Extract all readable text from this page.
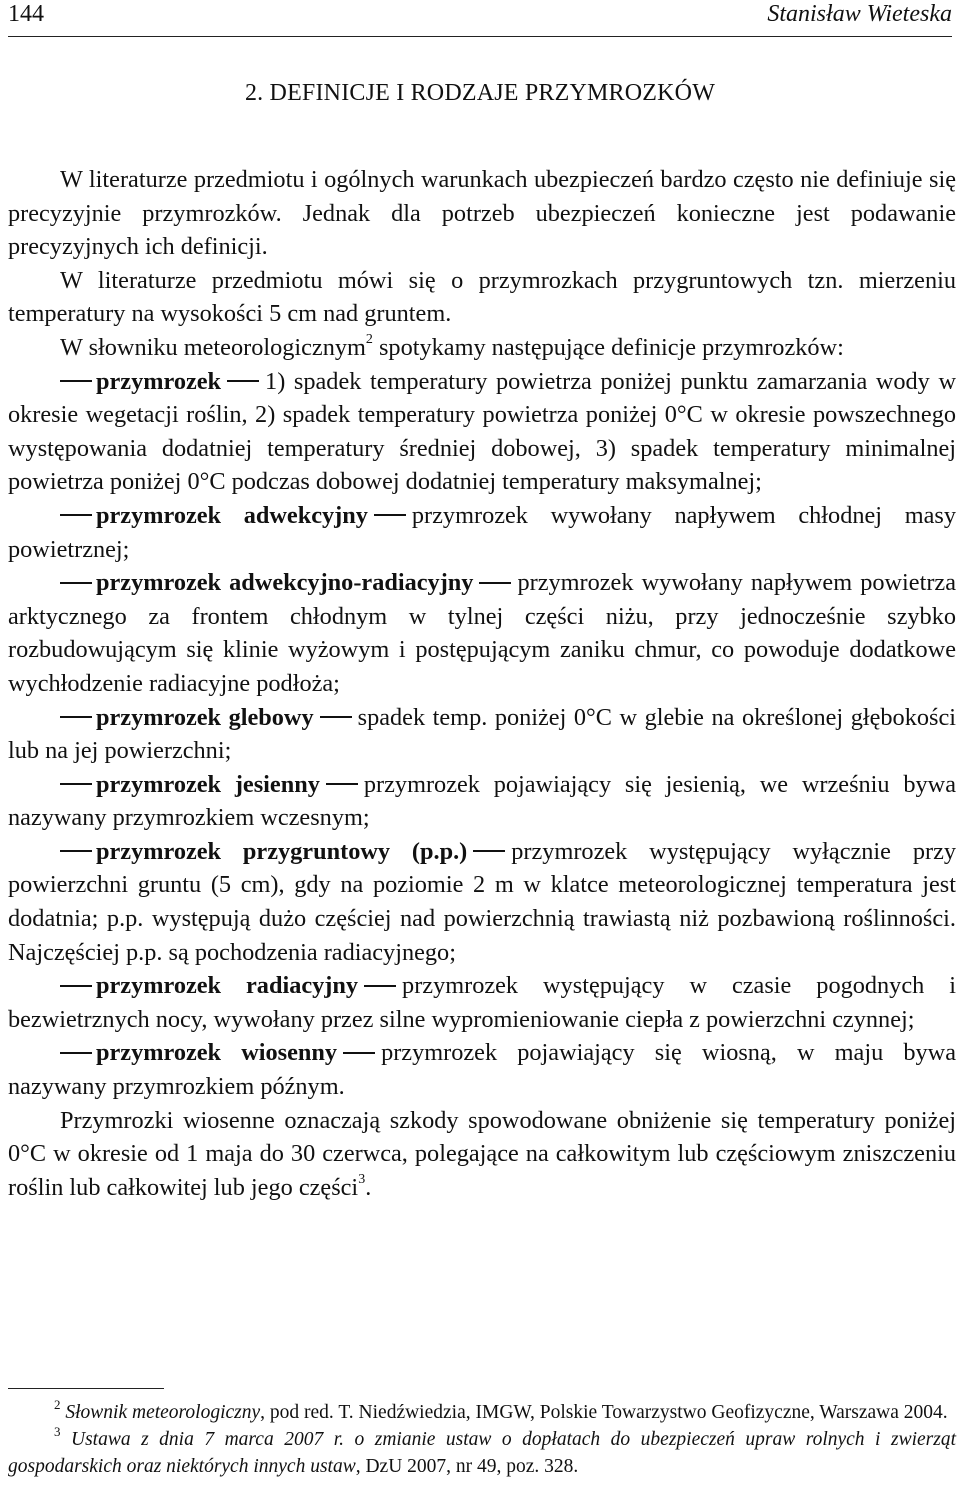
144	Stanisław Wieteska
2. DEFINICJE I RODZAJE PRZYMROZKÓW

W literaturze przedmiotu i ogólnych warunkach ubezpieczeń bardzo często nie definiuje się precyzyjnie przymrozków. Jednak dla potrzeb ubezpieczeń konieczne jest podawanie precyzyjnych ich definicji.

W literaturze przedmiotu mówi się o przymrozkach przygruntowych tzn. mierzeniu temperatury na wysokości 5 cm nad gruntem.

W słowniku meteorologicznym$^2$ spotykamy następujące definicje przymrozków:

przymrozek 1) spadek temperatury powietrza poniżej punktu zamarzania wody w okresie wegetacji roślin, 2) spadek temperatury powietrza poniżej 0°C w okresie powszechnego występowania dodatniej temperatury średniej dobowej, 3) spadek temperatury minimalnej powietrza poniżej 0°C podczas dobowej dodatniej temperatury maksymalnej;

przymrozek adwekcyjny przymrozek wywołany napływem chłodnej masy powietrznej;

przymrozek adwekcyjno-radiacyjny przymrozek wywołany napływem powietrza arktycznego za frontem chłodnym w tylnej części niżu, przy jednocześnie szybko rozbudowującym się klinie wyżowym i postępującym zaniku chmur, co powoduje dodatkowe wychłodzenie radiacyjne podłoża;

przymrozek glebowy spadek temp. poniżej 0°C w glebie na określonej głębokości lub na jej powierzchni;

przymrozek jesienny przymrozek pojawiający się jesienią, we wrześniu bywa nazywany przymrozkiem wczesnym;

przymrozek przygruntowy (p.p.) przymrozek występujący wyłącznie przy powierzchni gruntu (5 cm), gdy na poziomie 2 m w klatce meteorologicznej temperatura jest dodatnia; p.p. występują dużo częściej nad powierzchnią trawiastą niż pozbawioną roślinności. Najczęściej p.p. są pochodzenia radiacyjnego;

przymrozek radiacyjny przymrozek występujący w czasie pogodnych i bezwietrznych nocy, wywołany przez silne wypromieniowanie ciepła z powierzchni czynnej;

przymrozek wiosenny przymrozek pojawiający się wiosną, w maju bywa nazywany przymrozkiem późnym.

Przymrozki wiosenne oznaczają szkody spowodowane obniżenie się temperatury poniżej 0°C w okresie od 1 maja do 30 czerwca, polegające na całkowitym lub częściowym zniszczeniu roślin lub całkowitej lub jego części$^3$.

$^2$ Słownik meteorologiczny, pod red. T. Niedźwiedzia, IMGW, Polskie Towarzystwo Geofizyczne, Warszawa 2004.

$^3$ Ustawa z dnia 7 marca 2007 r. o zmianie ustaw o dopłatach do ubezpieczeń upraw rolnych i zwierząt gospodarskich oraz niektórych innych ustaw, DzU 2007, nr 49, poz. 328.
